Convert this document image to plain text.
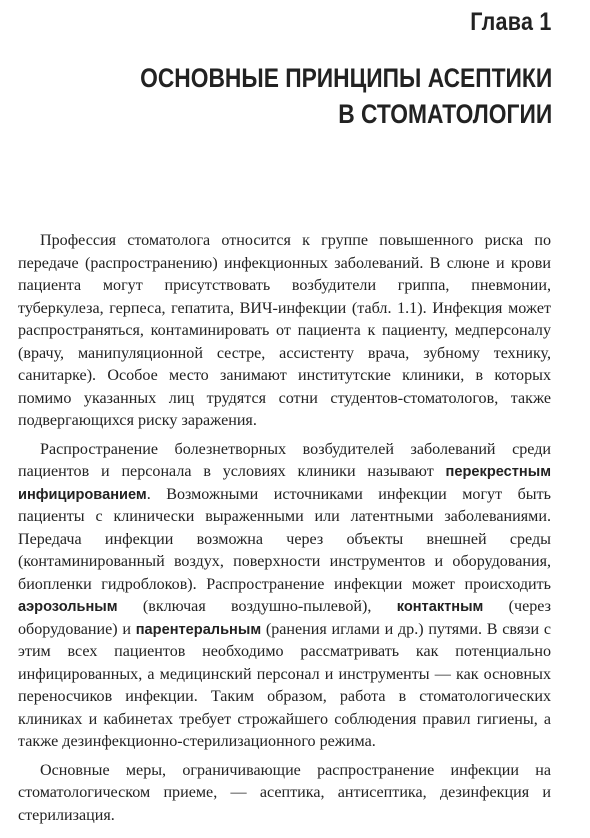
Глава 1
ОСНОВНЫЕ ПРИНЦИПЫ АСЕПТИКИ
В СТОМАТОЛОГИИ

Профессия стоматолога относится к группе повышенного риска по передаче (распространению) инфекционных заболеваний. В слюне и крови пациента могут присутствовать возбудители гриппа, пневмонии, туберкулеза, герпеса, гепатита, ВИЧ-инфекции (табл. 1.1). Инфекция может распространяться, контаминировать от пациента к пациенту, медперсоналу (врачу, манипуляционной сестре, ассистенту врача, зубному технику, санитарке). Особое место занимают институтские клиники, в которых помимо указанных лиц трудятся сотни студентов-стоматологов, также подвергающихся риску заражения.

Распространение болезнетворных возбудителей заболеваний среди пациентов и персонала в условиях клиники называют перекрестным инфицированием. Возможными источниками инфекции могут быть пациенты с клинически выраженными или латентными заболеваниями. Передача инфекции возможна через объекты внешней среды (контаминированный воздух, поверхности инструментов и оборудования, биопленки гидроблоков). Распространение инфекции может происходить аэрозольным (включая воздушно-пылевой), контактным (через оборудование) и парентеральным (ранения иглами и др.) путями. В связи с этим всех пациентов необходимо рассматривать как потенциально инфицированных, а медицинский персонал и инструменты — как основных переносчиков инфекции. Таким образом, работа в стоматологических клиниках и кабинетах требует строжайшего соблюдения правил гигиены, а также дезинфекционно-стерилизационного режима.

Основные меры, ограничивающие распространение инфекции на стоматологическом приеме, — асептика, антисептика, дезинфекция и стерилизация.
